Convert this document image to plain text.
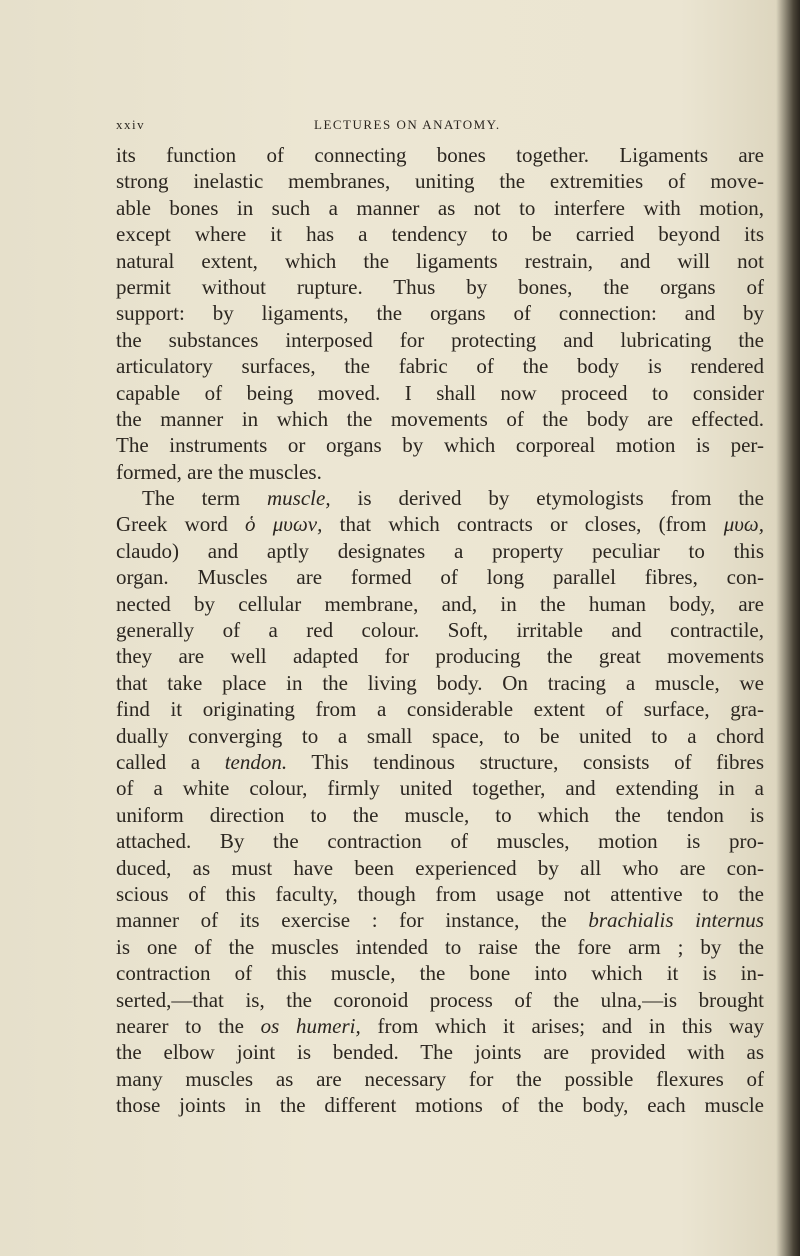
xxiv	LECTURES ON ANATOMY.
its function of connecting bones together. Ligaments are
strong inelastic membranes, uniting the extremities of move-
able bones in such a manner as not to interfere with motion,
except where it has a tendency to be carried beyond its
natural extent, which the ligaments restrain, and will not
permit without rupture. Thus by bones, the organs of
support: by ligaments, the organs of connection: and by
the substances interposed for protecting and lubricating the
articulatory surfaces, the fabric of the body is rendered
capable of being moved. I shall now proceed to consider
the manner in which the movements of the body are effected.
The instruments or organs by which corporeal motion is per-
formed, are the muscles.
The term muscle, is derived by etymologists from the
Greek word ὁ μυων, that which contracts or closes, (from μυω,
claudo) and aptly designates a property peculiar to this
organ. Muscles are formed of long parallel fibres, con-
nected by cellular membrane, and, in the human body, are
generally of a red colour. Soft, irritable and contractile,
they are well adapted for producing the great movements
that take place in the living body. On tracing a muscle, we
find it originating from a considerable extent of surface, gra-
dually converging to a small space, to be united to a chord
called a tendon. This tendinous structure, consists of fibres
of a white colour, firmly united together, and extending in a
uniform direction to the muscle, to which the tendon is
attached. By the contraction of muscles, motion is pro-
duced, as must have been experienced by all who are con-
scious of this faculty, though from usage not attentive to the
manner of its exercise : for instance, the brachialis internus
is one of the muscles intended to raise the fore arm ; by the
contraction of this muscle, the bone into which it is in-
serted,—that is, the coronoid process of the ulna,—is brought
nearer to the os humeri, from which it arises; and in this way
the elbow joint is bended. The joints are provided with as
many muscles as are necessary for the possible flexures of
those joints in the different motions of the body, each muscle
